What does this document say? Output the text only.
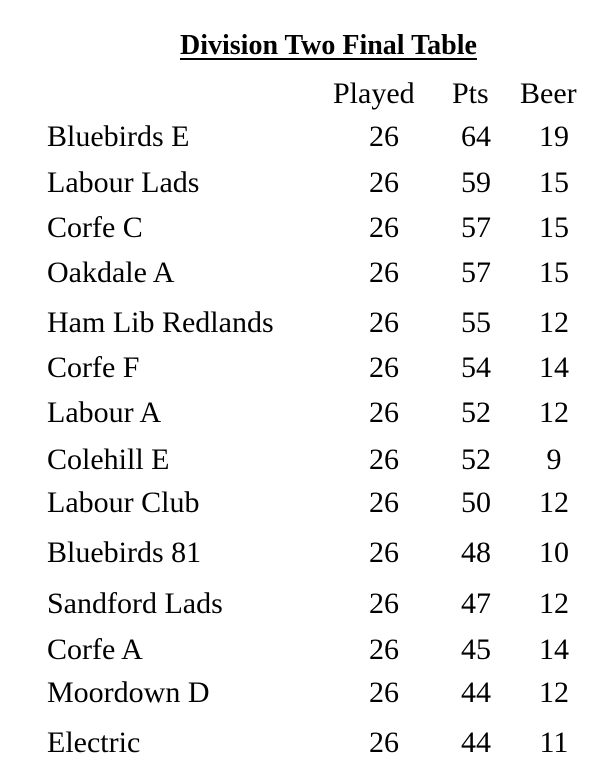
Division Two Final Table
Played Pts Beer
Bluebirds E	26 64 19
Labour Lads	26 59 15
Corfe C	26 57 15
Oakdale A	26 57 15
Ham Lib Redlands	26 55 12
Corfe F	26 54 14
Labour A	26 52 12
Colehill E	26 52	9
Labour Club	26 50 12
Bluebirds 81	26 48 10
Sandford Lads	26 47 12
Corfe A	26 45 14
Moordown D	26 44 12
Electric	26 44 11
